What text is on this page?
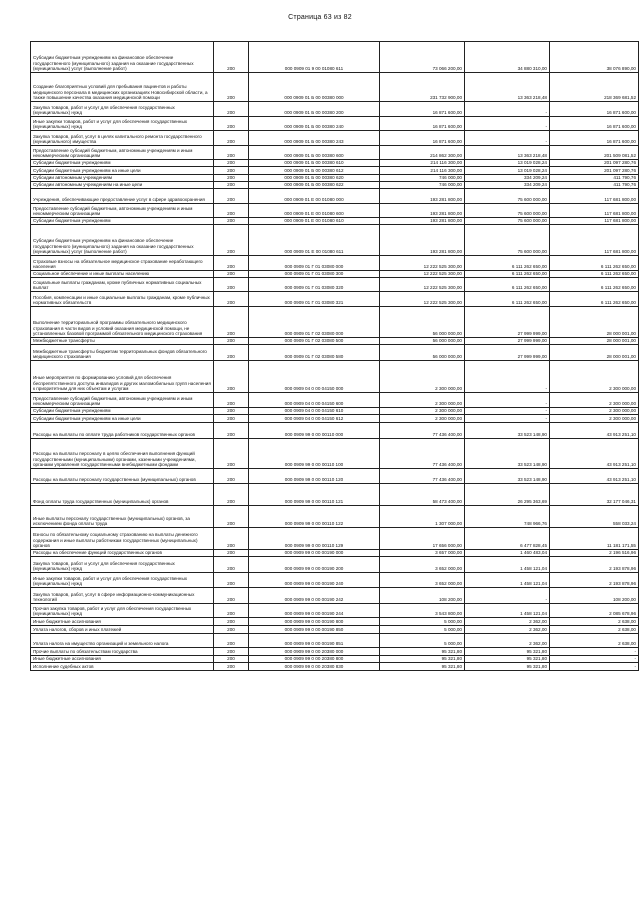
Страница 63 из 82
Субсидии бюджетным учреждениям на финансовое обеспечение государственного (муниципального) задания на оказание государственных (муниципальных) услуг (выполнение работ)	200	000 0909 01 9 00 01080 611	73 066 200,00	34 880 310,00	38 076 890,00
Создание благоприятных условий для пребывания пациентов и работы медицинского персонала в медицинских организациях Новосибирской области, а также повышение качества оказания медицинской помощи	200	000 0909 01 Б 00 00380 000	231 732 900,00	13 363 218,48	218 369 681,52
Закупка товаров, работ и услуг для обеспечения государственных (муниципальных) нужд	200	000 0909 01 Б 00 00380 200	16 871 600,00	-	16 871 600,00
Иные закупки товаров, работ и услуг для обеспечения государственных (муниципальных) нужд	200	000 0909 01 Б 00 00380 240	16 871 600,00	-	16 871 600,00
Закупка товаров, работ, услуг в целях капитального ремонта государственного (муниципального) имущества	200	000 0909 01 Б 00 00380 243	16 871 600,00	-	16 871 600,00
Предоставление субсидий бюджетным, автономным учреждениям и иным некоммерческим организациям	200	000 0909 01 Б 00 00380 600	214 862 300,00	13 363 218,48	201 509 081,52
Субсидии бюджетным учреждениям	200	000 0909 01 Б 00 00380 610	214 116 300,00	13 019 028,24	201 097 280,76
Субсидии бюджетным учреждениям на иные цели	200	000 0909 01 Б 00 00380 612	214 116 300,00	13 019 028,24	201 097 280,76
Субсидии автономным учреждениям	200	000 0909 01 Б 00 00380 620	746 000,00	334 209,24	411 790,76
Субсидии автономным учреждениям на иные цели	200	000 0909 01 Б 00 00380 622	746 000,00	334 209,24	411 790,76
Учреждения, обеспечивающие предоставление услуг в сфере здравоохранения	200	000 0909 01 Е 00 01080 000	193 281 800,00	75 600 000,00	117 681 800,00
Предоставление субсидий бюджетным, автономным учреждениям и иным некоммерческим организациям	200	000 0909 01 Е 00 01080 600	193 281 800,00	75 600 000,00	117 681 800,00
Субсидии бюджетным учреждениям	200	000 0909 01 Е 00 01080 610	193 281 800,00	75 600 000,00	117 681 800,00
Субсидии бюджетным учреждениям на финансовое обеспечение государственного (муниципального) задания на оказание государственных (муниципальных) услуг (выполнение работ)	200	000 0909 01 Е 00 01080 611	193 281 800,00	75 600 000,00	117 681 800,00
Страховые взносы на обязательное медицинское страхование неработающего населения	200	000 0909 01 Г 01 03080 000	12 222 525 300,00	6 111 262 650,00	6 111 262 650,00
Социальное обеспечение и иные выплаты населению	200	000 0909 01 Г 01 03080 300	12 222 525 300,00	6 111 262 650,00	6 111 262 650,00
Социальные выплаты гражданам, кроме публичных нормативных социальных выплат	200	000 0909 01 Г 01 03080 320	12 222 525 300,00	6 111 262 650,00	6 111 262 650,00
Пособия, компенсации и иные социальные выплаты гражданам, кроме публичных нормативных обязательств	200	000 0909 01 Г 01 03080 321	12 222 525 300,00	6 111 262 650,00	6 111 262 650,00
Выполнение территориальной программы обязательного медицинского страхования в части видов и условий оказания медицинской помощи, не установленных базовой программой обязательного медицинского страхования	200	000 0909 01 Г 02 03080 000	56 000 000,00	27 999 999,00	28 000 001,00
Межбюджетные трансферты	200	000 0909 01 Г 02 03080 500	56 000 000,00	27 999 999,00	28 000 001,00
Межбюджетные трансферты бюджетам территориальных фондов обязательного медицинского страхования	200	000 0909 01 Г 02 03080 580	56 000 000,00	27 999 999,00	28 000 001,00
Иные мероприятия по формированию условий для обеспечения беспрепятственного доступа инвалидов и других маломобильных групп населения к приоритетным для них объектам и услугам	200	000 0909 04 0 00 04150 000	2 300 000,00	-	2 300 000,00
Предоставление субсидий бюджетным, автономным учреждениям и иным некоммерческим организациям	200	000 0909 04 0 00 04150 600	2 300 000,00	-	2 300 000,00
Субсидии бюджетным учреждениям	200	000 0909 04 0 00 04150 610	2 300 000,00	-	2 300 000,00
Субсидии бюджетным учреждениям на иные цели	200	000 0909 04 0 00 04150 612	2 300 000,00	-	2 300 000,00
Расходы на выплаты по оплате труда работников государственных органов	200	000 0909 99 0 00 00110 000	77 436 400,00	33 523 148,90	43 913 251,10
Расходы на выплаты персоналу в целях обеспечения выполнения функций государственными (муниципальными) органами, казенными учреждениями, органами управления государственными внебюджетными фондами	200	000 0909 99 0 00 00110 100	77 436 400,00	33 523 148,90	43 913 251,10
Расходы на выплаты персоналу государственных (муниципальных) органов	200	000 0909 99 0 00 00110 120	77 436 400,00	33 523 148,90	43 913 251,10
Фонд оплаты труда государственных (муниципальных) органов	200	000 0909 99 0 00 00110 121	58 473 400,00	26 295 363,69	32 177 046,31
Иные выплаты персоналу государственных (муниципальных) органов, за исключением фонда оплаты труда	200	000 0909 99 0 00 00110 122	1 307 000,00	748 966,76	558 033,24
Взносы по обязательному социальному страхованию на выплаты денежного содержания и иные выплаты работникам государственных (муниципальных) органов	200	000 0909 99 0 00 00110 129	17 656 000,00	6 477 828,45	11 181 171,55
Расходы на обеспечение функций государственных органов	200	000 0909 99 0 00 00190 000	3 657 000,00	1 460 483,04	2 196 516,96
Закупка товаров, работ и услуг для обеспечения государственных (муниципальных) нужд	200	000 0909 99 0 00 00190 200	3 652 000,00	1 458 121,04	2 193 878,96
Иные закупки товаров, работ и услуг для обеспечения государственных (муниципальных) нужд	200	000 0909 99 0 00 00190 240	3 652 000,00	1 458 121,04	2 193 878,96
Закупка товаров, работ, услуг в сфере информационно-коммуникационных технологий	200	000 0909 99 0 00 00190 242	108 200,00	-	108 200,00
Прочая закупка товаров, работ и услуг для обеспечения государственных (муниципальных) нужд	200	000 0909 99 0 00 00190 244	3 543 800,00	1 458 121,04	2 085 678,96
Иные бюджетные ассигнования	200	000 0909 99 0 00 00190 800	5 000,00	2 362,00	2 638,00
Уплата налогов, сборов и иных платежей	200	000 0909 99 0 00 00190 850	5 000,00	2 362,00	2 638,00
Уплата налога на имущество организаций и земельного налога	200	000 0909 99 0 00 00190 851	5 000,00	2 362,00	2 638,00
Прочие выплаты по обязательствам государства	200	000 0909 99 0 00 20380 000	95 321,80	95 321,80	-
Иные бюджетные ассигнования	200	000 0909 99 0 00 20380 800	95 321,80	95 321,80	-
Исполнение судебных актов	200	000 0909 99 0 00 20380 830	95 321,80	95 321,80	-
